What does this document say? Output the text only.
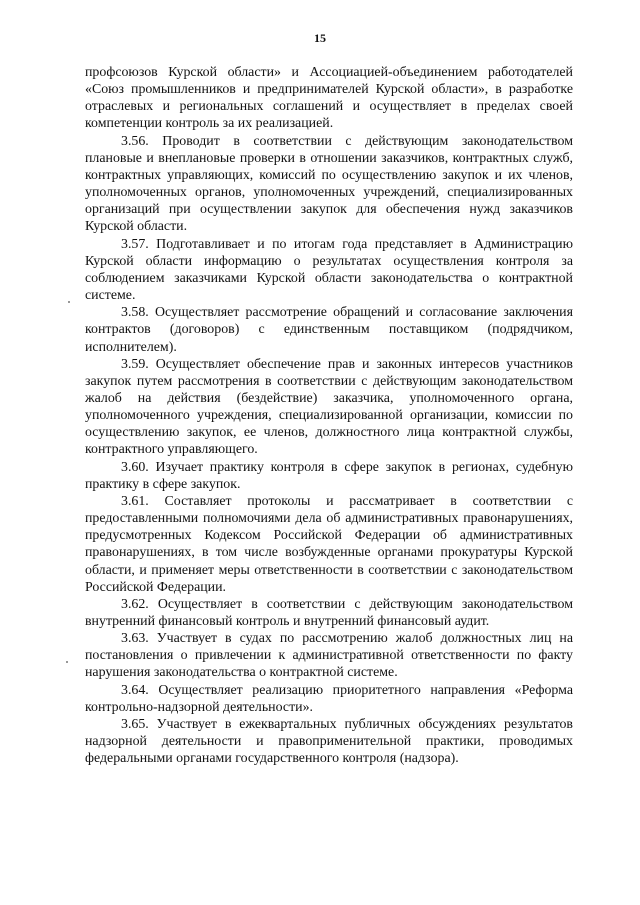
15

профсоюзов Курской области» и Ассоциацией-объединением работодателей «Союз промышленников и предпринимателей Курской области», в разработке отраслевых и региональных соглашений и осуществляет в пределах своей компетенции контроль за их реализацией.

3.56. Проводит в соответствии с действующим законодательством плановые и внеплановые проверки в отношении заказчиков, контрактных служб, контрактных управляющих, комиссий по осуществлению закупок и их членов, уполномоченных органов, уполномоченных учреждений, специализированных организаций при осуществлении закупок для обеспечения нужд заказчиков Курской области.

3.57. Подготавливает и по итогам года представляет в Администрацию Курской области информацию о результатах осуществления контроля за соблюдением заказчиками Курской области законодательства о контрактной системе.

3.58. Осуществляет рассмотрение обращений и согласование заключения контрактов (договоров) с единственным поставщиком (подрядчиком, исполнителем).

3.59. Осуществляет обеспечение прав и законных интересов участников закупок путем рассмотрения в соответствии с действующим законодательством жалоб на действия (бездействие) заказчика, уполномоченного органа, уполномоченного учреждения, специализированной организации, комиссии по осуществлению закупок, ее членов, должностного лица контрактной службы, контрактного управляющего.

3.60. Изучает практику контроля в сфере закупок в регионах, судебную практику в сфере закупок.

3.61. Составляет протоколы и рассматривает в соответствии с предоставленными полномочиями дела об административных правонарушениях, предусмотренных Кодексом Российской Федерации об административных правонарушениях, в том числе возбужденные органами прокуратуры Курской области, и применяет меры ответственности в соответствии с законодательством Российской Федерации.

3.62. Осуществляет в соответствии с действующим законодательством внутренний финансовый контроль и внутренний финансовый аудит.

3.63. Участвует в судах по рассмотрению жалоб должностных лиц на постановления о привлечении к административной ответственности по факту нарушения законодательства о контрактной системе.

3.64. Осуществляет реализацию приоритетного направления «Реформа контрольно-надзорной деятельности».

3.65. Участвует в ежеквартальных публичных обсуждениях результатов надзорной деятельности и правоприменительной практики, проводимых федеральными органами государственного контроля (надзора).
